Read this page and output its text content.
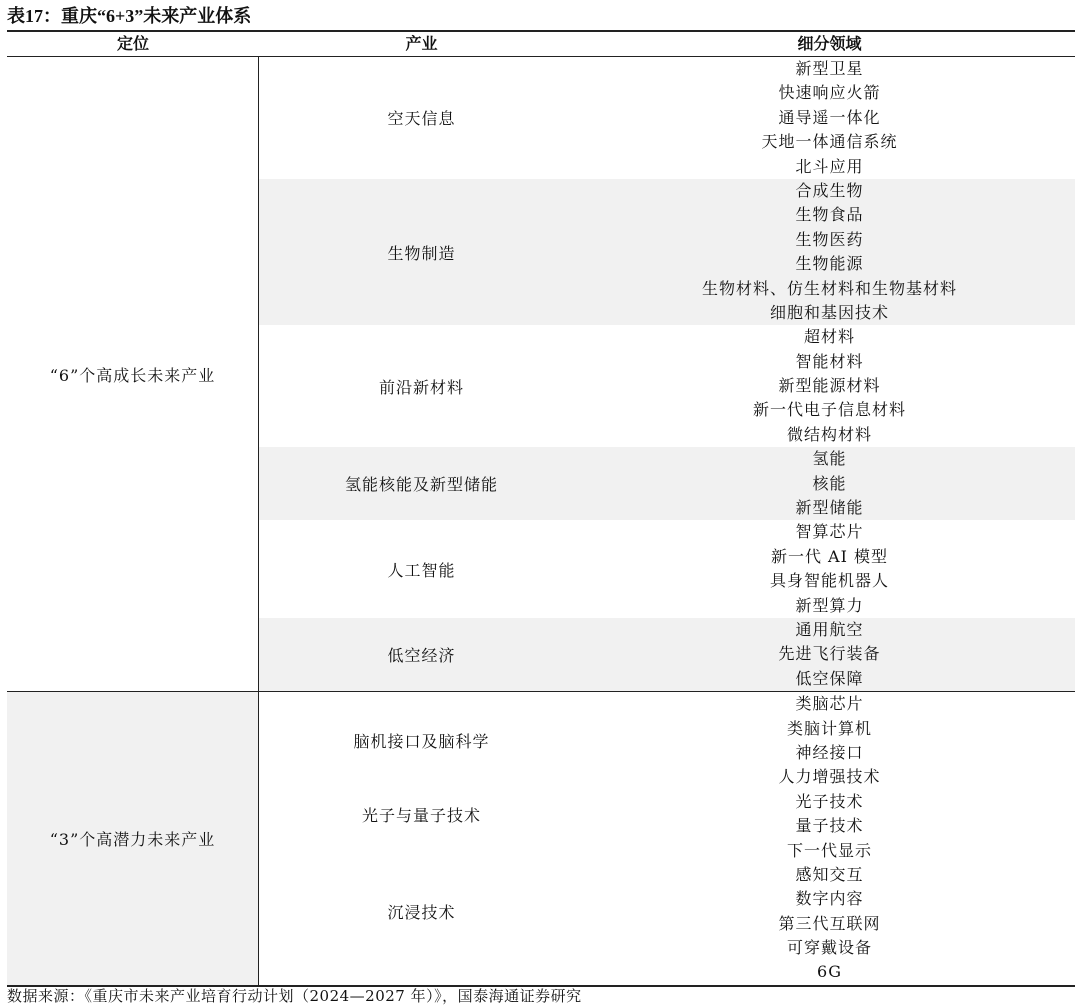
表17：重庆“6+3”未来产业体系
定位	产业	细分领域
“6”个高成长未来产业
空天信息
新型卫星
快速响应火箭
通导遥一体化
天地一体通信系统
北斗应用
生物制造
合成生物
生物食品
生物医药
生物能源
生物材料、仿生材料和生物基材料
细胞和基因技术
前沿新材料
超材料
智能材料
新型能源材料
新一代电子信息材料
微结构材料
氢能核能及新型储能
氢能
核能
新型储能
人工智能
智算芯片
新一代 AI 模型
具身智能机器人
新型算力
低空经济
通用航空
先进飞行装备
低空保障
“3”个高潜力未来产业
脑机接口及脑科学
类脑芯片
类脑计算机
神经接口
人力增强技术
光子与量子技术
光子技术
量子技术
沉浸技术
下一代显示
感知交互
数字内容
第三代互联网
可穿戴设备
6G
数据来源：《重庆市未来产业培育行动计划（2024—2027 年）》，国泰海通证券研究
